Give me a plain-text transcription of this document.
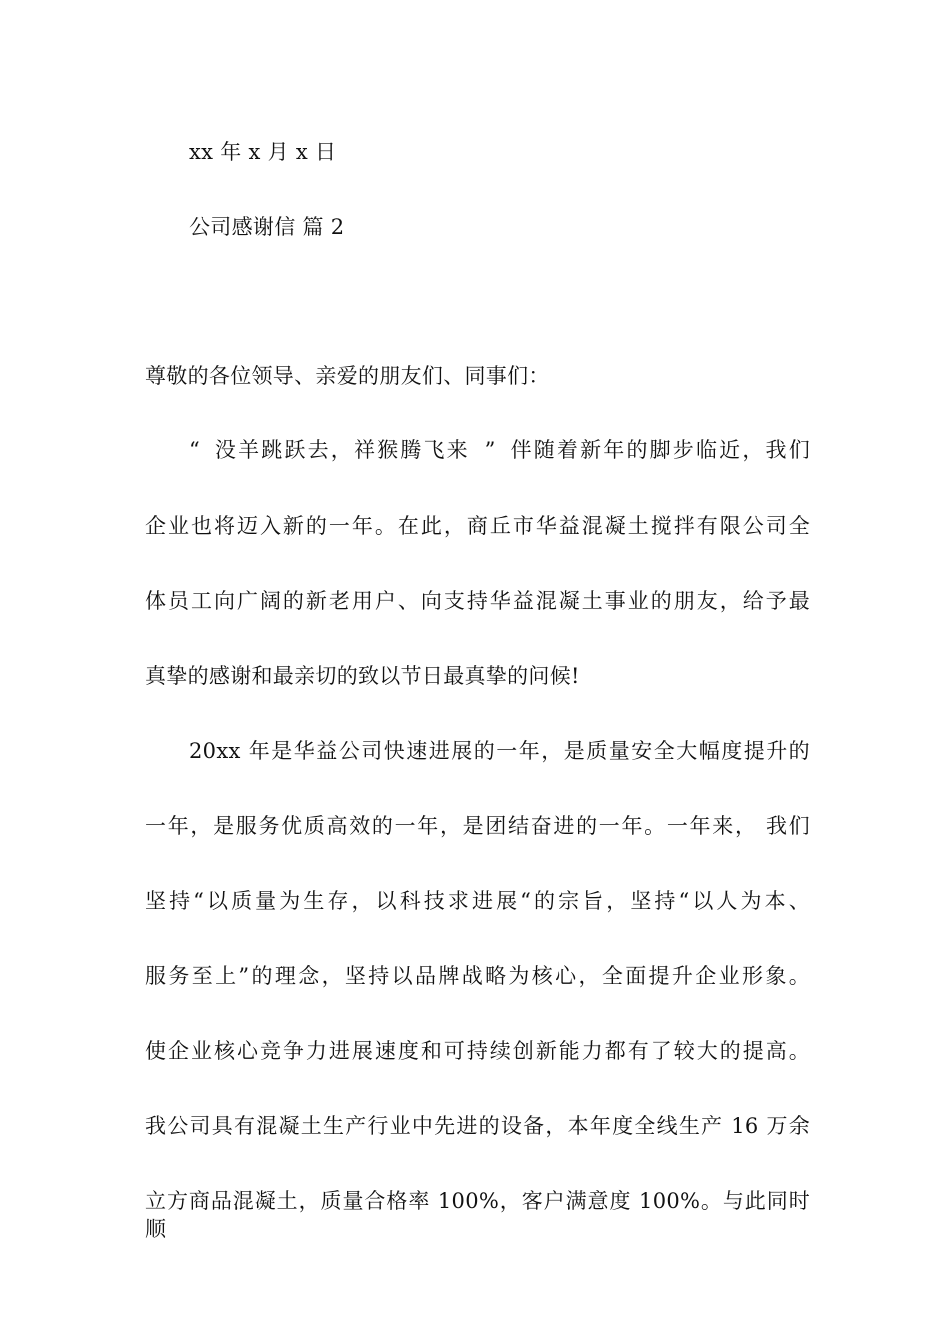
xx 年 x 月 x 日
公司感谢信 篇 2
尊敬的各位领导、亲爱的朋友们、同事们：
“ 没羊跳跃去，祥猴腾飞来 ” 伴随着新年的脚步临近，我们
企业也将迈入新的一年。在此，商丘市华益混凝土搅拌有限公司全
体员工向广阔的新老用户、向支持华益混凝土事业的朋友，给予最
真挚的感谢和最亲切的致以节日最真挚的问候!
20xx 年是华益公司快速进展的一年，是质量安全大幅度提升的
一年，是服务优质高效的一年，是团结奋进的一年。一年来， 我们
坚持“以质量为生存，以科技求进展“的宗旨，坚持“以人为本、
服务至上”的理念，坚持以品牌战略为核心，全面提升企业形象。
使企业核心竞争力进展速度和可持续创新能力都有了较大的提高。
我公司具有混凝土生产行业中先进的设备，本年度全线生产 16 万余
立方商品混凝土，质量合格率 100%，客户满意度 100%。与此同时顺
